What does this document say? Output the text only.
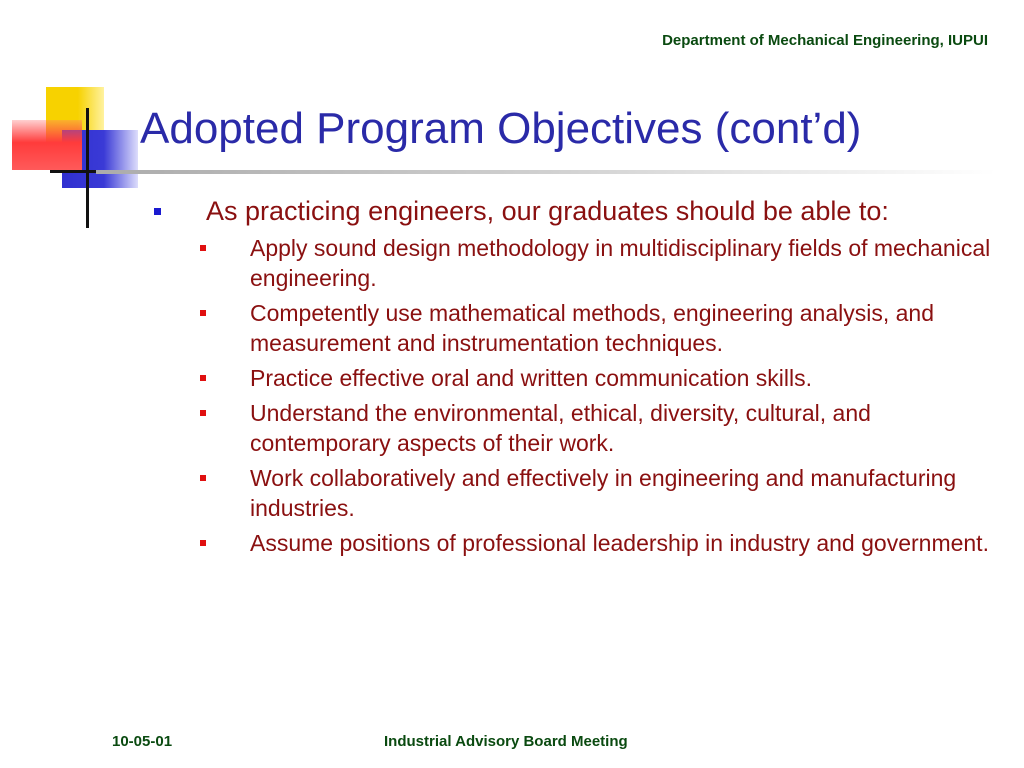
Department of Mechanical Engineering, IUPUI
Adopted Program Objectives (cont’d)
As practicing engineers, our graduates should be able to:
Apply sound design methodology in multidisciplinary fields of mechanical engineering.
Competently use mathematical methods, engineering analysis, and measurement and instrumentation techniques.
Practice effective oral and written communication skills.
Understand the environmental, ethical, diversity, cultural, and contemporary aspects of their work.
Work collaboratively and effectively in engineering and manufacturing industries.
Assume positions of professional leadership in industry and government.
10-05-01	Industrial Advisory Board Meeting
